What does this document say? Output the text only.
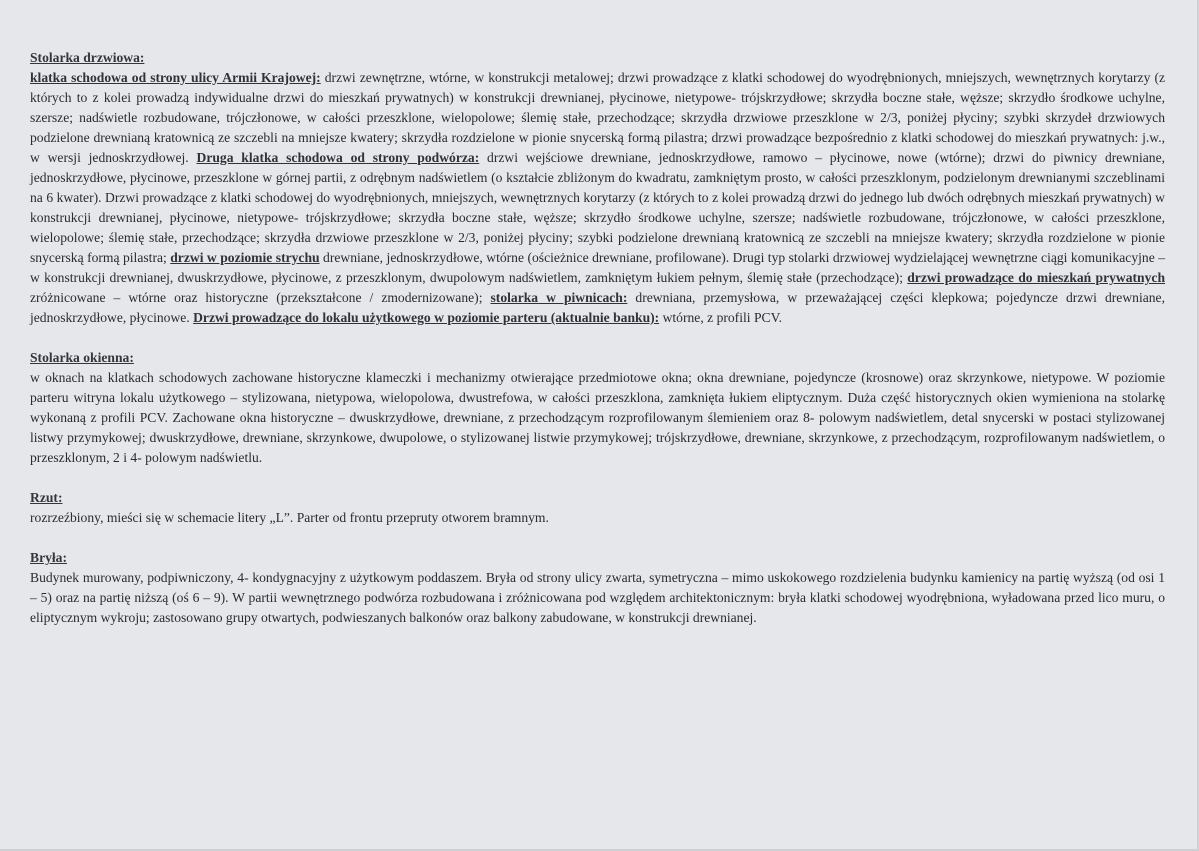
Stolarka drzwiowa:
klatka schodowa od strony ulicy Armii Krajowej: drzwi zewnętrzne, wtórne, w konstrukcji metalowej; drzwi prowadzące z klatki schodowej do wyodrębnionych, mniejszych, wewnętrznych korytarzy (z których to z kolei prowadzą indywidualne drzwi do mieszkań prywatnych) w konstrukcji drewnianej, płycinowe, nietypowe- trójskrzydłowe; skrzydła boczne stałe, węższe; skrzydło środkowe uchylne, szersze; nadświetle rozbudowane, trójczłonowe, w całości przeszklone, wielopolowe; ślemię stałe, przechodzące; skrzydła drzwiowe przeszklone w 2/3, poniżej płyciny; szybki skrzydeł drzwiowych podzielone drewnianą kratownicą ze szczebli na mniejsze kwatery; skrzydła rozdzielone w pionie snycerską formą pilastra; drzwi prowadzące bezpośrednio z klatki schodowej do mieszkań prywatnych: j.w., w wersji jednoskrzydłowej. Druga klatka schodowa od strony podwórza: drzwi wejściowe drewniane, jednoskrzydłowe, ramowo – płycinowe, nowe (wtórne); drzwi do piwnicy drewniane, jednoskrzydłowe, płycinowe, przeszklone w górnej partii, z odrębnym nadświetlem (o kształcie zbliżonym do kwadratu, zamkniętym prosto, w całości przeszklonym, podzielonym drewnianymi szczeblinami na 6 kwater). Drzwi prowadzące z klatki schodowej do wyodrębnionych, mniejszych, wewnętrznych korytarzy (z których to z kolei prowadzą drzwi do jednego lub dwóch odrębnych mieszkań prywatnych) w konstrukcji drewnianej, płycinowe, nietypowe- trójskrzydłowe; skrzydła boczne stałe, węższe; skrzydło środkowe uchylne, szersze; nadświetle rozbudowane, trójczłonowe, w całości przeszklone, wielopolowe; ślemię stałe, przechodzące; skrzydła drzwiowe przeszklone w 2/3, poniżej płyciny; szybki podzielone drewnianą kratownicą ze szczebli na mniejsze kwatery; skrzydła rozdzielone w pionie snycerską formą pilastra; drzwi w poziomie strychu drewniane, jednoskrzydłowe, wtórne (ościeżnice drewniane, profilowane). Drugi typ stolarki drzwiowej wydzielającej wewnętrzne ciągi komunikacyjne – w konstrukcji drewnianej, dwuskrzydłowe, płycinowe, z przeszklonym, dwupolowym nadświetlem, zamkniętym łukiem pełnym, ślemię stałe (przechodzące); drzwi prowadzące do mieszkań prywatnych zróżnicowane – wtórne oraz historyczne (przekształcone / zmodernizowane); stolarka w piwnicach: drewniana, przemysłowa, w przeważającej części klepkowa; pojedyncze drzwi drewniane, jednoskrzydłowe, płycinowe. Drzwi prowadzące do lokalu użytkowego w poziomie parteru (aktualnie banku): wtórne, z profili PCV.
Stolarka okienna:
w oknach na klatkach schodowych zachowane historyczne klameczki i mechanizmy otwierające przedmiotowe okna; okna drewniane, pojedyncze (krosnowe) oraz skrzynkowe, nietypowe. W poziomie parteru witryna lokalu użytkowego – stylizowana, nietypowa, wielopolowa, dwustrefowa, w całości przeszklona, zamknięta łukiem eliptycznym. Duża część historycznych okien wymieniona na stolarkę wykonaną z profili PCV. Zachowane okna historyczne – dwuskrzydłowe, drewniane, z przechodzącym rozprofilowanym ślemieniem oraz 8- polowym nadświetlem, detal snycerski w postaci stylizowanej listwy przymykowej; dwuskrzydłowe, drewniane, skrzynkowe, dwupolowe, o stylizowanej listwie przymykowej; trójskrzydłowe, drewniane, skrzynkowe, z przechodzącym, rozprofilowanym nadświetlem, o przeszklonym, 2 i 4- polowym nadświetlu.
Rzut:
rozrzeźbiony, mieści się w schemacie litery „L”. Parter od frontu przepruty otworem bramnym.
Bryła:
Budynek murowany, podpiwniczony, 4- kondygnacyjny z użytkowym poddaszem. Bryła od strony ulicy zwarta, symetryczna – mimo uskokowego rozdzielenia budynku kamienicy na partię wyższą (od osi 1 – 5) oraz na partię niższą (oś 6 – 9). W partii wewnętrznego podwórza rozbudowana i zróżnicowana pod względem architektonicznym: bryła klatki schodowej wyodrębniona, wyładowana przed lico muru, o eliptycznym wykroju; zastosowano grupy otwartych, podwieszanych balkonów oraz balkony zabudowane, w konstrukcji drewnianej.
